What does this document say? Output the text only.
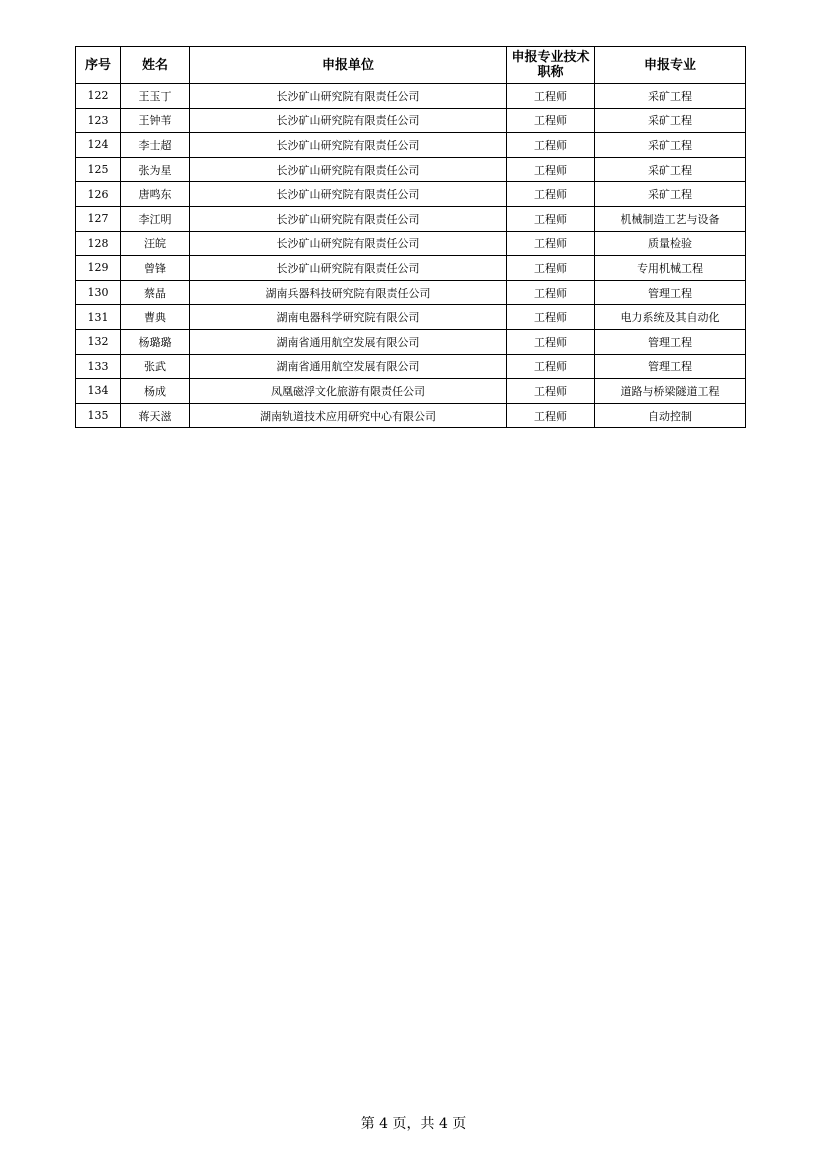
序号	姓名	申报单位	申报专业技术职称	申报专业
122	王玉丁	长沙矿山研究院有限责任公司	工程师	采矿工程
123	王钟苇	长沙矿山研究院有限责任公司	工程师	采矿工程
124	李士超	长沙矿山研究院有限责任公司	工程师	采矿工程
125	张为星	长沙矿山研究院有限责任公司	工程师	采矿工程
126	唐鸣东	长沙矿山研究院有限责任公司	工程师	采矿工程
127	李江明	长沙矿山研究院有限责任公司	工程师	机械制造工艺与设备
128	汪皖	长沙矿山研究院有限责任公司	工程师	质量检验
129	曾锋	长沙矿山研究院有限责任公司	工程师	专用机械工程
130	蔡晶	湖南兵器科技研究院有限责任公司	工程师	管理工程
131	曹典	湖南电器科学研究院有限公司	工程师	电力系统及其自动化
132	杨璐璐	湖南省通用航空发展有限公司	工程师	管理工程
133	张武	湖南省通用航空发展有限公司	工程师	管理工程
134	杨成	凤凰磁浮文化旅游有限责任公司	工程师	道路与桥梁隧道工程
135	蒋天滋	湖南轨道技术应用研究中心有限公司	工程师	自动控制
第 4 页，共 4 页
